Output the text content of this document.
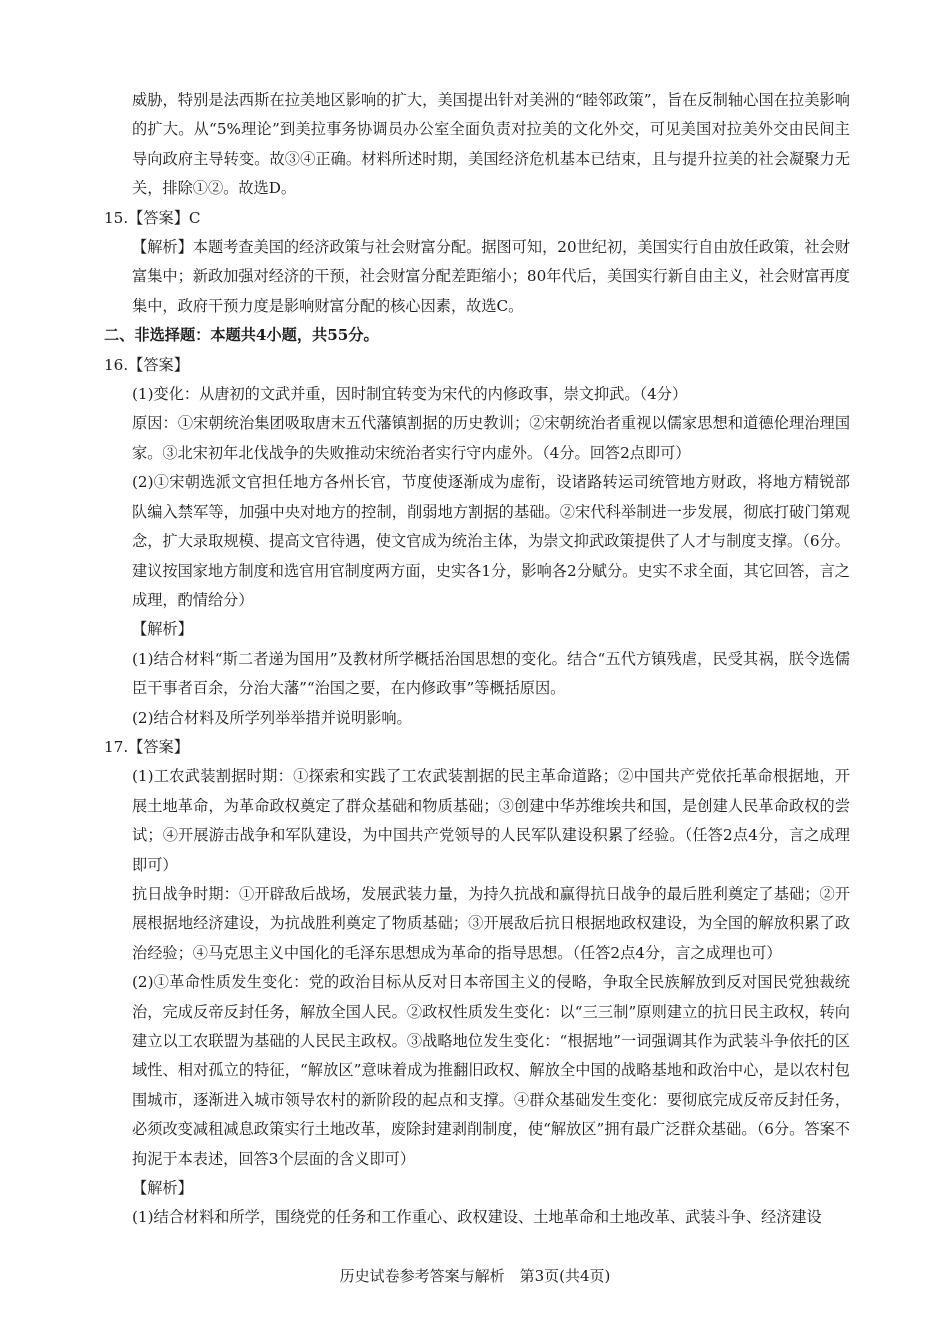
威胁，特别是法西斯在拉美地区影响的扩大，美国提出针对美洲的“睦邻政策”，旨在反制轴心国在拉美影响的扩大。从“5%理论”到美拉事务协调员办公室全面负责对拉美的文化外交，可见美国对拉美外交由民间主导向政府主导转变。故③④正确。材料所述时期，美国经济危机基本已结束，且与提升拉美的社会凝聚力无关，排除①②。故选D。

15.【答案】C

【解析】本题考查美国的经济政策与社会财富分配。据图可知，20世纪初，美国实行自由放任政策，社会财富集中；新政加强对经济的干预，社会财富分配差距缩小；80年代后，美国实行新自由主义，社会财富再度集中，政府干预力度是影响财富分配的核心因素，故选C。

二、非选择题：本题共4小题，共55分。

16.【答案】

(1)变化：从唐初的文武并重，因时制宜转变为宋代的内修政事，崇文抑武。（4分）

原因：①宋朝统治集团吸取唐末五代藩镇割据的历史教训；②宋朝统治者重视以儒家思想和道德伦理治理国家。③北宋初年北伐战争的失败推动宋统治者实行守内虚外。（4分。回答2点即可）

(2)①宋朝选派文官担任地方各州长官，节度使逐渐成为虚衔，设诸路转运司统管地方财政，将地方精锐部队编入禁军等，加强中央对地方的控制，削弱地方割据的基础。②宋代科举制进一步发展，彻底打破门第观念，扩大录取规模、提高文官待遇，使文官成为统治主体，为崇文抑武政策提供了人才与制度支撑。（6分。建议按国家地方制度和选官用官制度两方面，史实各1分，影响各2分赋分。史实不求全面，其它回答，言之成理，酌情给分）

【解析】

(1)结合材料“斯二者递为国用”及教材所学概括治国思想的变化。结合“五代方镇残虐，民受其祸，朕令选儒臣干事者百余，分治大藩”“治国之要，在内修政事”等概括原因。

(2)结合材料及所学列举举措并说明影响。

17.【答案】

(1)工农武装割据时期：①探索和实践了工农武装割据的民主革命道路；②中国共产党依托革命根据地，开展土地革命，为革命政权奠定了群众基础和物质基础；③创建中华苏维埃共和国，是创建人民革命政权的尝试；④开展游击战争和军队建设，为中国共产党领导的人民军队建设积累了经验。（任答2点4分，言之成理即可）

抗日战争时期：①开辟敌后战场，发展武装力量，为持久抗战和赢得抗日战争的最后胜利奠定了基础；②开展根据地经济建设，为抗战胜利奠定了物质基础；③开展敌后抗日根据地政权建设，为全国的解放积累了政治经验；④马克思主义中国化的毛泽东思想成为革命的指导思想。（任答2点4分，言之成理也可）

(2)①革命性质发生变化：党的政治目标从反对日本帝国主义的侵略，争取全民族解放到反对国民党独裁统治，完成反帝反封任务，解放全国人民。②政权性质发生变化：以“三三制”原则建立的抗日民主政权，转向建立以工农联盟为基础的人民民主政权。③战略地位发生变化：“根据地”一词强调其作为武装斗争依托的区域性、相对孤立的特征，“解放区”意味着成为推翻旧政权、解放全中国的战略基地和政治中心，是以农村包围城市，逐渐进入城市领导农村的新阶段的起点和支撑。④群众基础发生变化：要彻底完成反帝反封任务，必须改变减租减息政策实行土地改革，废除封建剥削制度，使“解放区”拥有最广泛群众基础。（6分。答案不拘泥于本表述，回答3个层面的含义即可）

【解析】

(1)结合材料和所学，围绕党的任务和工作重心、政权建设、土地革命和土地改革、武装斗争、经济建设

历史试卷参考答案与解析　第3页(共4页)
